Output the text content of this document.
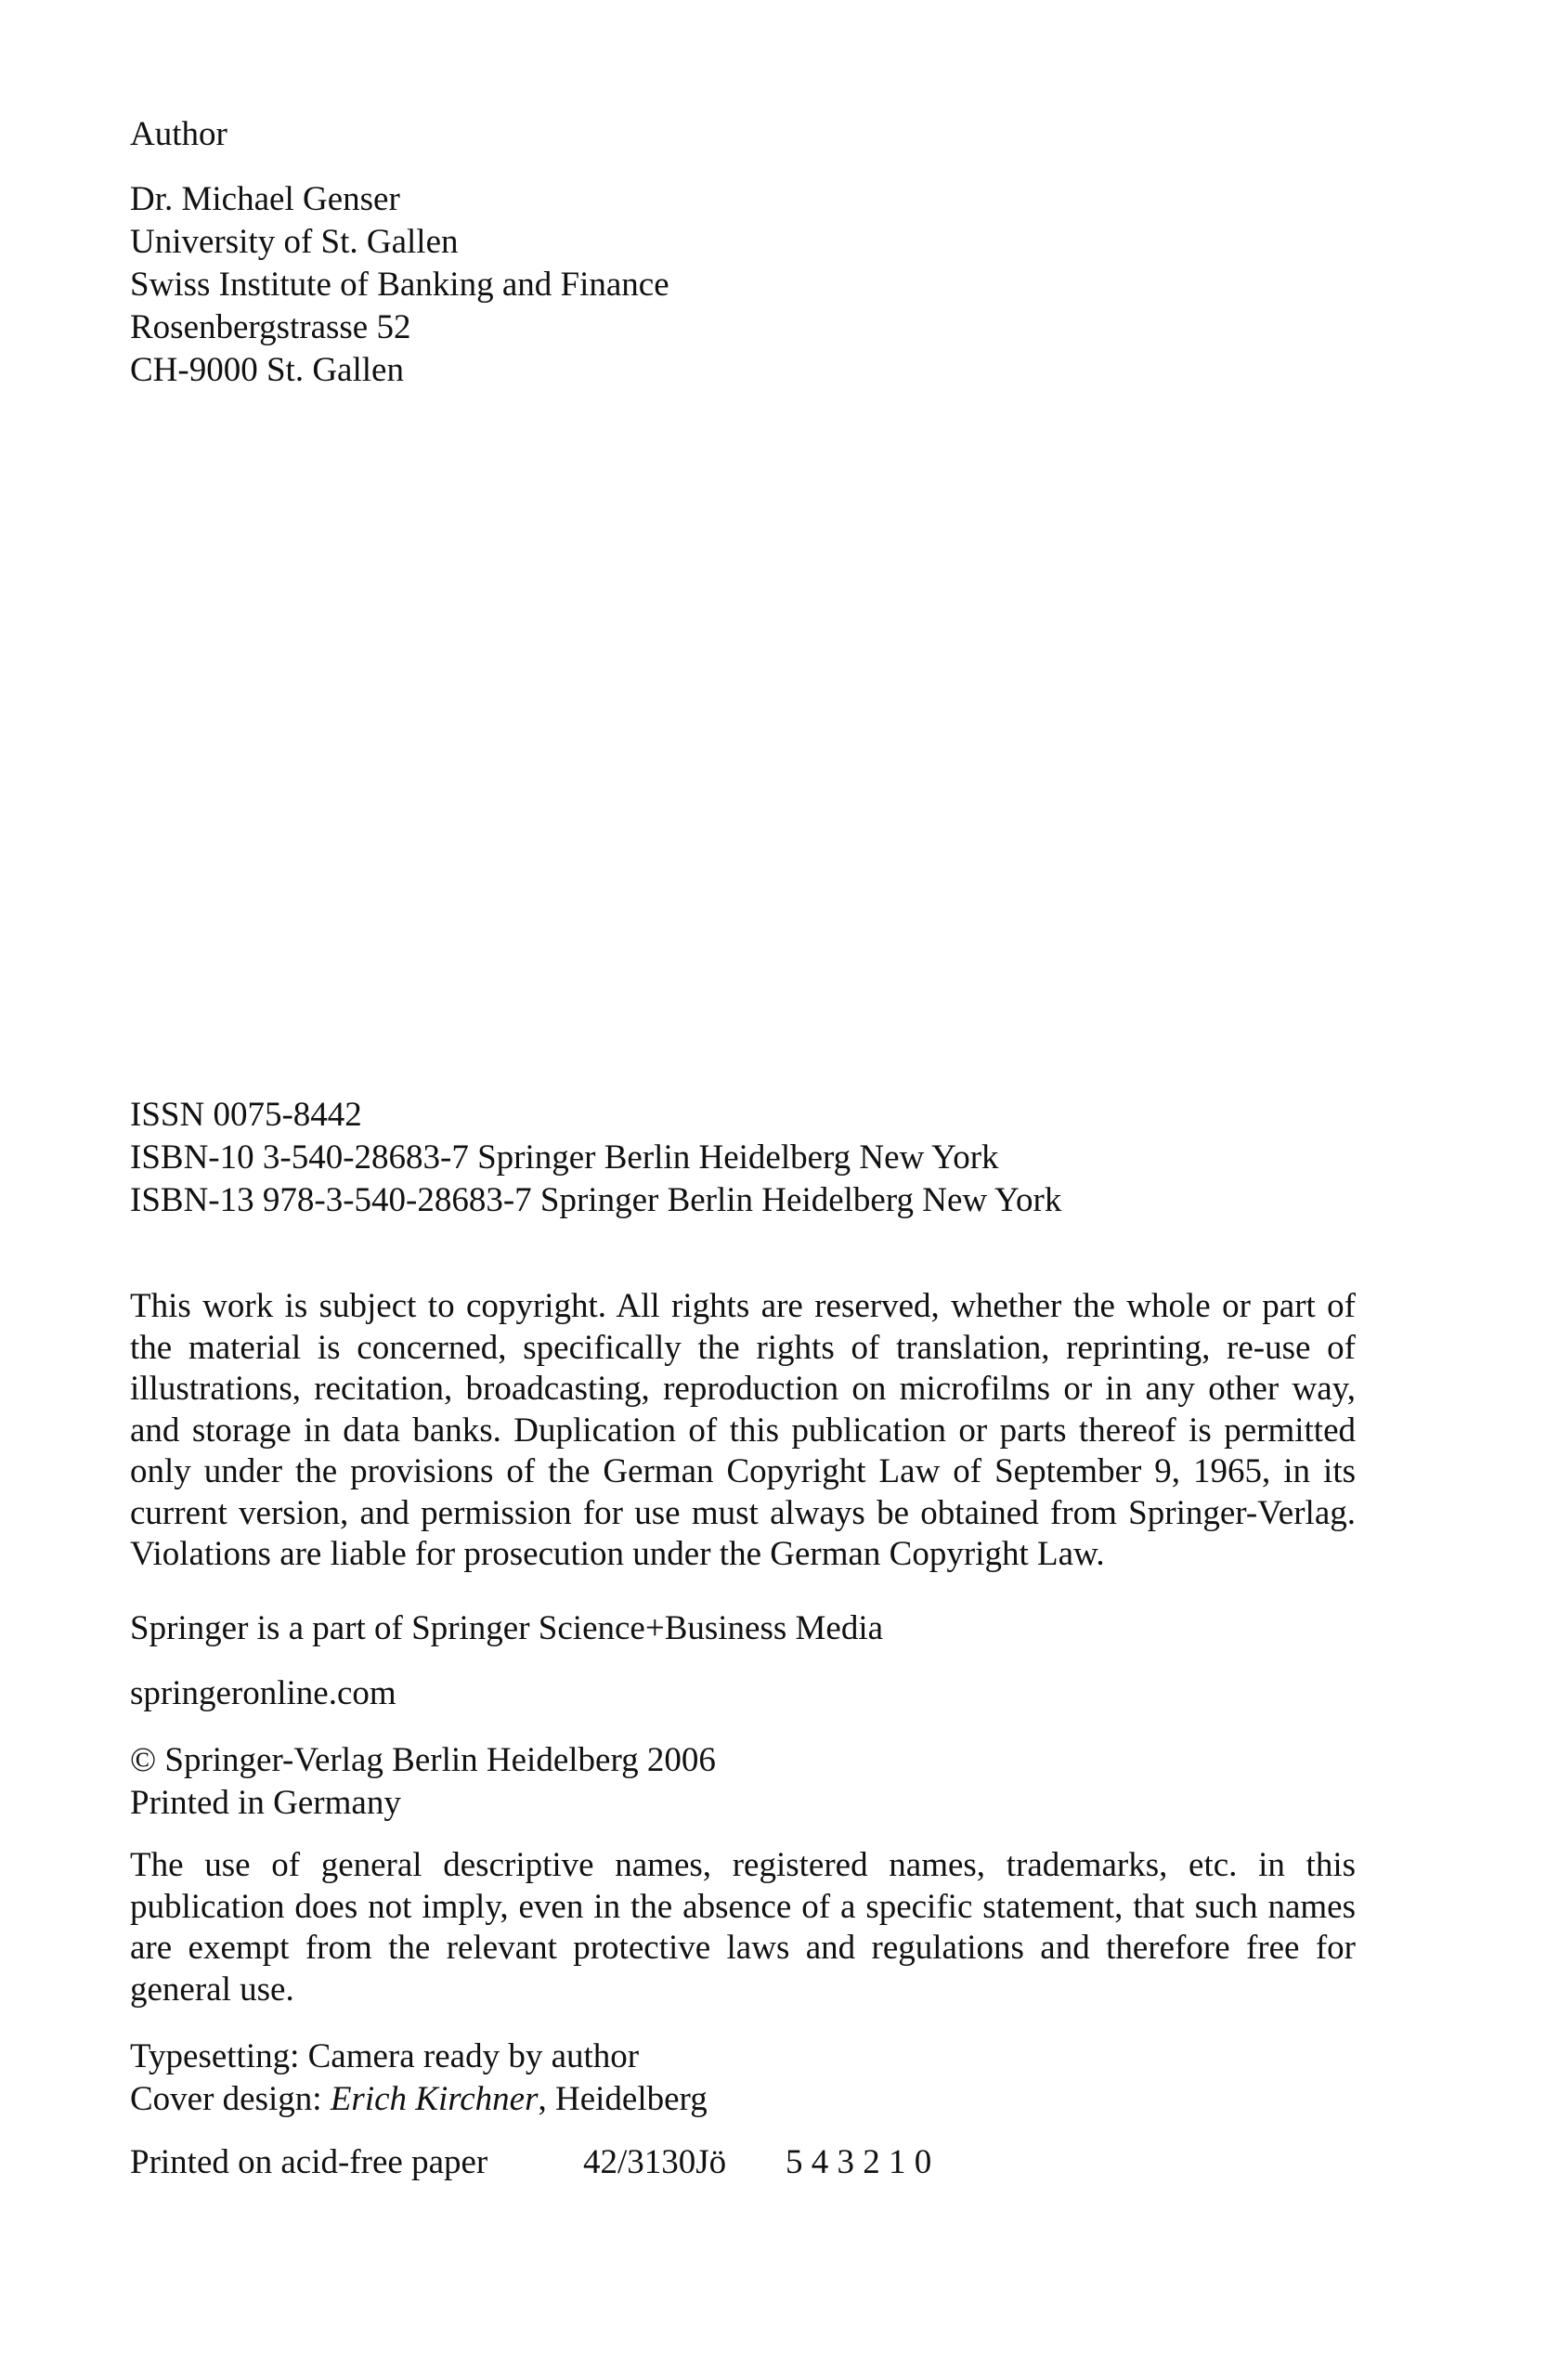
Author
Dr. Michael Genser
University of St. Gallen
Swiss Institute of Banking and Finance
Rosenbergstrasse 52
CH-9000 St. Gallen
ISSN 0075-8442
ISBN-10 3-540-28683-7 Springer Berlin Heidelberg New York
ISBN-13 978-3-540-28683-7 Springer Berlin Heidelberg New York
This work is subject to copyright. All rights are reserved, whether the whole or part of the material is concerned, specifically the rights of translation, reprinting, re-use of illustrations, recitation, broadcasting, reproduction on microfilms or in any other way, and storage in data banks. Duplication of this publication or parts thereof is permitted only under the provisions of the German Copyright Law of September 9, 1965, in its current version, and permission for use must always be obtained from Springer-Verlag. Violations are liable for prosecution under the German Copyright Law.
Springer is a part of Springer Science+Business Media
springeronline.com
© Springer-Verlag Berlin Heidelberg 2006
Printed in Germany
The use of general descriptive names, registered names, trademarks, etc. in this publication does not imply, even in the absence of a specific statement, that such names are exempt from the relevant protective laws and regulations and therefore free for general use.
Typesetting: Camera ready by author
Cover design: Erich Kirchner, Heidelberg
Printed on acid-free paper	42/3130Jö 5 4 3 2 1 0
